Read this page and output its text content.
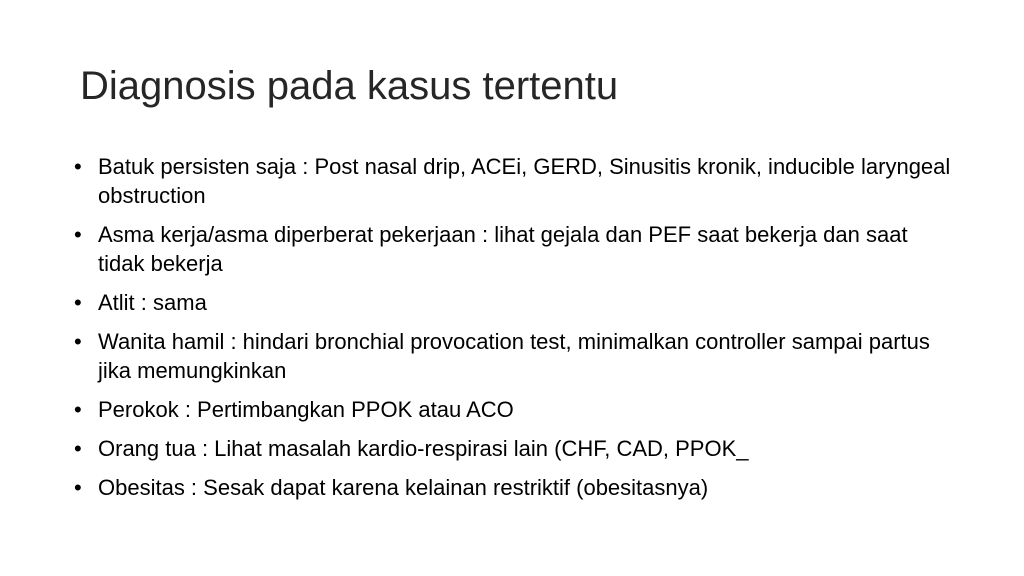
Diagnosis pada kasus tertentu
• Batuk persisten saja : Post nasal drip, ACEi, GERD, Sinusitis kronik, inducible laryngeal obstruction
• Asma kerja/asma diperberat pekerjaan : lihat gejala dan PEF saat bekerja dan saat tidak bekerja
• Atlit : sama
• Wanita hamil : hindari bronchial provocation test, minimalkan controller sampai partus jika memungkinkan
• Perokok : Pertimbangkan PPOK atau ACO
• Orang tua : Lihat masalah kardio-respirasi lain (CHF, CAD, PPOK_
• Obesitas : Sesak dapat karena kelainan restriktif (obesitasnya)
